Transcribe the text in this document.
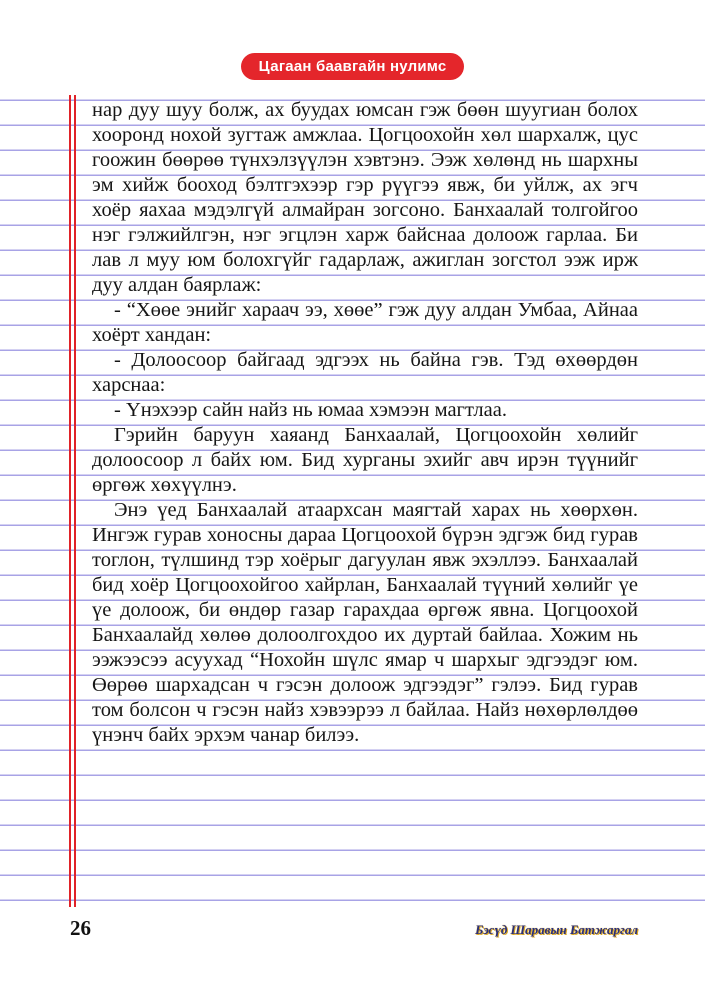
Цагаан баавгайн нулимс

нар дуу шуу болж, ах буудах юмсан гэж бөөн шуугиан болох хооронд нохой зугтаж амжлаа. Цогцоохойн хөл шархалж, цус гоожин бөөрөө түнхэлзүүлэн хэвтэнэ. Ээж хөлөнд нь шархны эм хийж бооход бэлтгэхээр гэр рүүгээ явж, би уйлж, ах эгч хоёр яахаа мэдэлгүй алмайран зогсоно. Банхаалай толгойгоо нэг гэлжийлгэн, нэг эгцлэн харж байснаа долоож гарлаа. Би лав л муу юм болохгүйг гадарлаж, ажиглан зогстол ээж ирж дуу алдан баярлаж:

- “Хөөе энийг хараач ээ, хөөе” гэж дуу алдан Умбаа, Айнаа хоёрт хандан:

- Долоосоор байгаад эдгээх нь байна гэв. Тэд өхөөрдөн харснаа:

- Үнэхээр сайн найз нь юмаа хэмээн магтлаа.

Гэрийн баруун хаяанд Банхаалай, Цогцоохойн хөлийг долоосоор л байх юм. Бид хурганы эхийг авч ирэн түүнийг өргөж хөхүүлнэ.

Энэ үед Банхаалай атаархсан маягтай харах нь хөөрхөн. Ингэж гурав хоносны дараа Цогцоохой бүрэн эдгэж бид гурав тоглон, түлшинд тэр хоёрыг дагуулан явж эхэллээ. Банхаалай бид хоёр Цогцоохойгоо хайрлан, Банхаалай түүний хөлийг үе үе долоож, би өндөр газар гарахдаа өргөж явна. Цогцоохой Банхаалайд хөлөө долоолгохдоо их дуртай байлаа. Хожим нь ээжээсээ асуухад “Нохойн шүлс ямар ч шархыг эдгээдэг юм. Өөрөө шархадсан ч гэсэн долоож эдгээдэг” гэлээ. Бид гурав том болсон ч гэсэн найз хэвээрээ л байлаа. Найз нөхөрлөлдөө үнэнч байх эрхэм чанар билээ.

26	Бэсүд Шаравын Батжаргал
